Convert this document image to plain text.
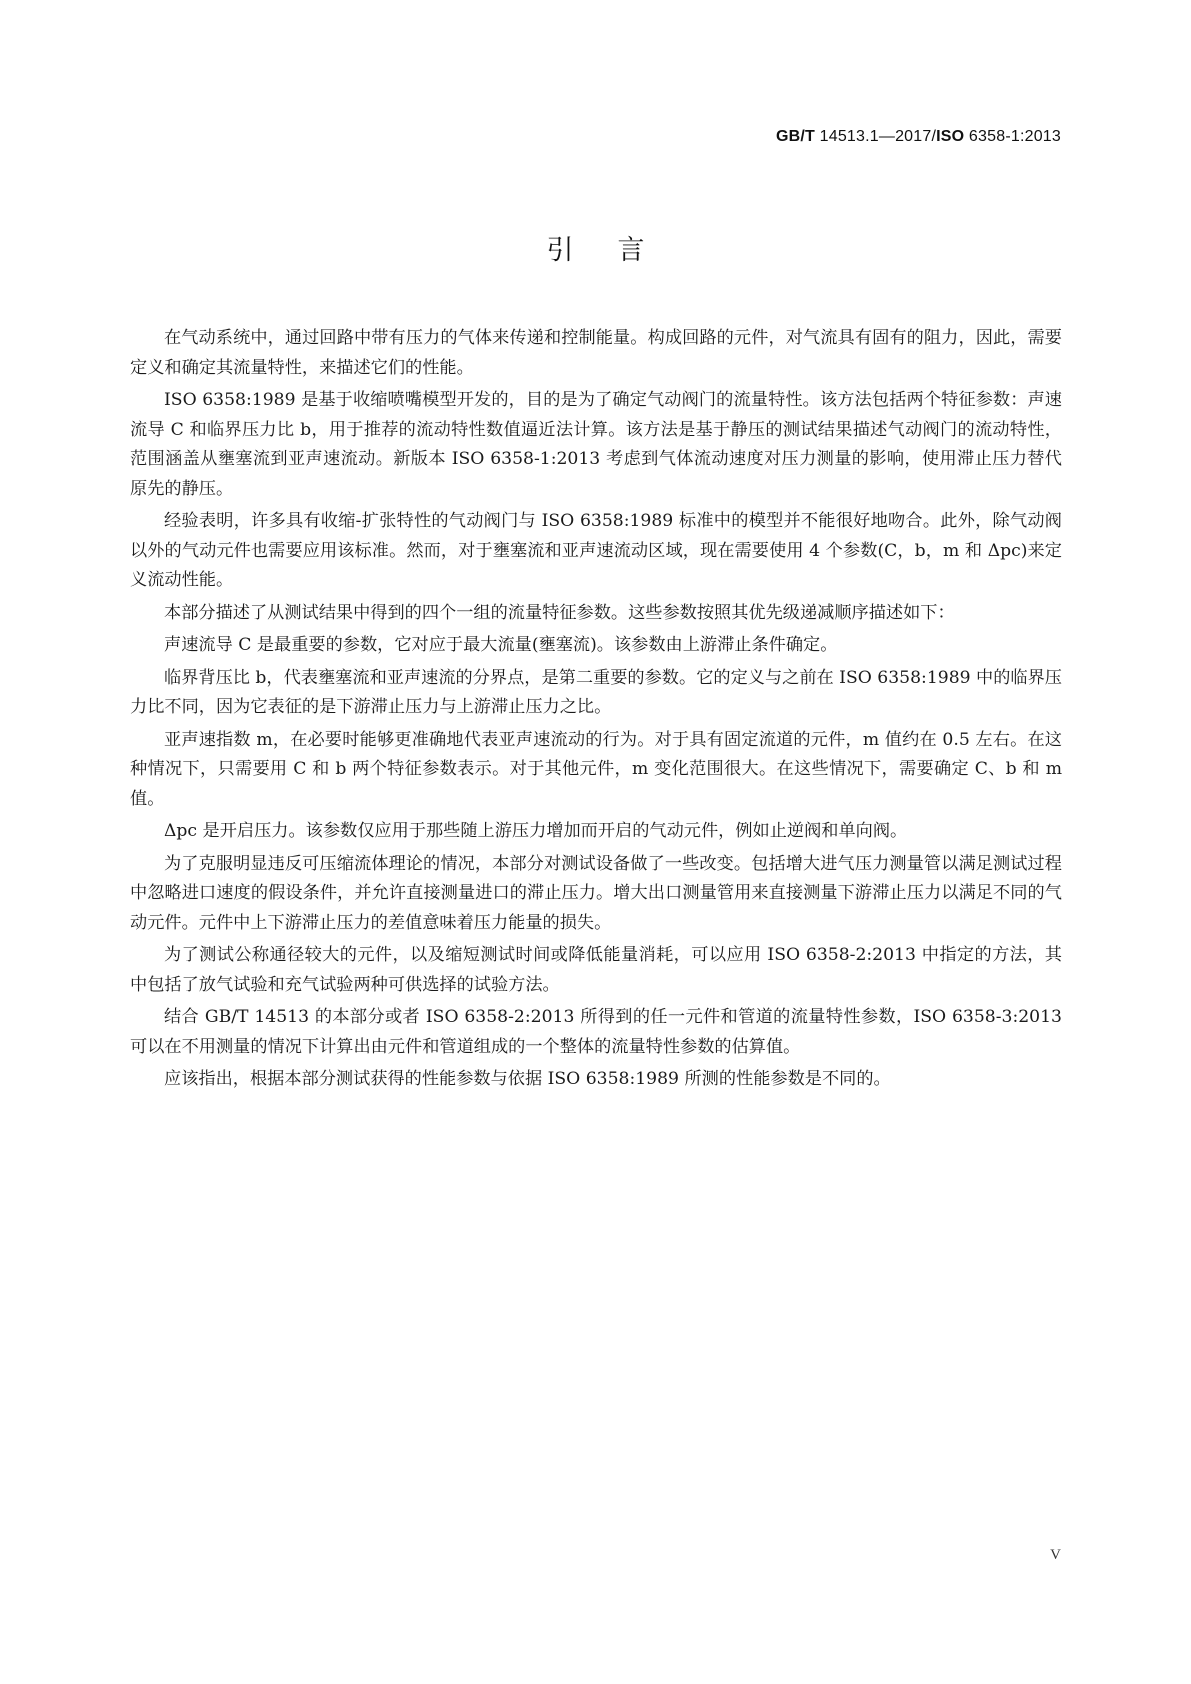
GB/T 14513.1—2017/ISO 6358-1:2013
引言

在气动系统中，通过回路中带有压力的气体来传递和控制能量。构成回路的元件，对气流具有固有的阻力，因此，需要定义和确定其流量特性，来描述它们的性能。

ISO 6358:1989 是基于收缩喷嘴模型开发的，目的是为了确定气动阀门的流量特性。该方法包括两个特征参数：声速流导 C 和临界压力比 b，用于推荐的流动特性数值逼近法计算。该方法是基于静压的测试结果描述气动阀门的流动特性，范围涵盖从壅塞流到亚声速流动。新版本 ISO 6358-1:2013 考虑到气体流动速度对压力测量的影响，使用滞止压力替代原先的静压。

经验表明，许多具有收缩-扩张特性的气动阀门与 ISO 6358:1989 标准中的模型并不能很好地吻合。此外，除气动阀以外的气动元件也需要应用该标准。然而，对于壅塞流和亚声速流动区域，现在需要使用 4 个参数(C，b，m 和 Δpc)来定义流动性能。

本部分描述了从测试结果中得到的四个一组的流量特征参数。这些参数按照其优先级递减顺序描述如下：

声速流导 C 是最重要的参数，它对应于最大流量(壅塞流)。该参数由上游滞止条件确定。

临界背压比 b，代表壅塞流和亚声速流的分界点，是第二重要的参数。它的定义与之前在 ISO 6358:1989 中的临界压力比不同，因为它表征的是下游滞止压力与上游滞止压力之比。

亚声速指数 m，在必要时能够更准确地代表亚声速流动的行为。对于具有固定流道的元件，m 值约在 0.5 左右。在这种情况下，只需要用 C 和 b 两个特征参数表示。对于其他元件，m 变化范围很大。在这些情况下，需要确定 C、b 和 m 值。

Δpc 是开启压力。该参数仅应用于那些随上游压力增加而开启的气动元件，例如止逆阀和单向阀。

为了克服明显违反可压缩流体理论的情况，本部分对测试设备做了一些改变。包括增大进气压力测量管以满足测试过程中忽略进口速度的假设条件，并允许直接测量进口的滞止压力。增大出口测量管用来直接测量下游滞止压力以满足不同的气动元件。元件中上下游滞止压力的差值意味着压力能量的损失。

为了测试公称通径较大的元件，以及缩短测试时间或降低能量消耗，可以应用 ISO 6358-2:2013 中指定的方法，其中包括了放气试验和充气试验两种可供选择的试验方法。

结合 GB/T 14513 的本部分或者 ISO 6358-2:2013 所得到的任一元件和管道的流量特性参数，ISO 6358-3:2013 可以在不用测量的情况下计算出由元件和管道组成的一个整体的流量特性参数的估算值。

应该指出，根据本部分测试获得的性能参数与依据 ISO 6358:1989 所测的性能参数是不同的。

V
